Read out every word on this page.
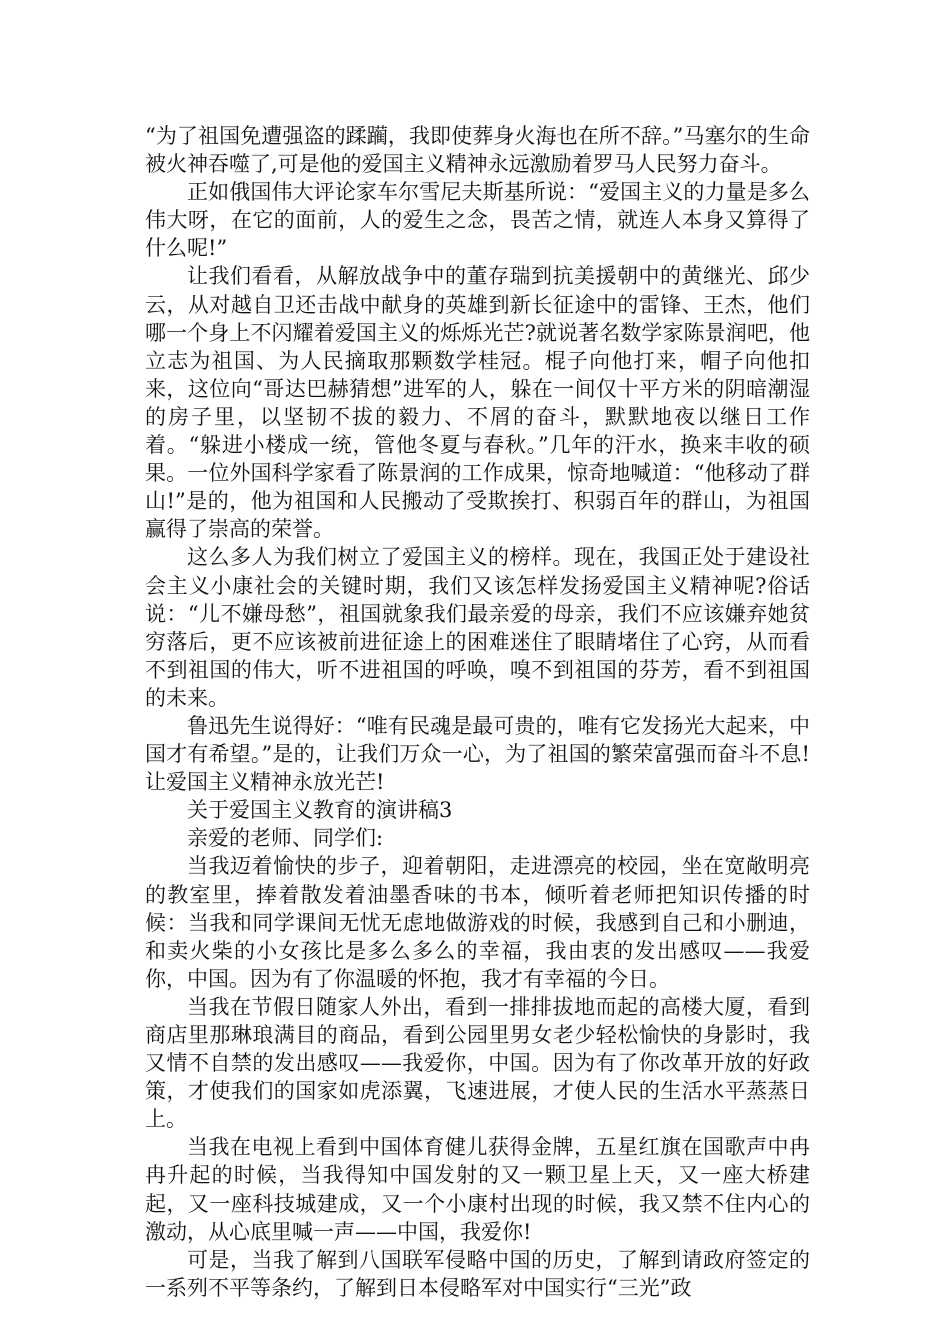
“为了祖国免遭强盗的蹂躏，我即使葬身火海也在所不辞。”马塞尔的生命被火神吞噬了,可是他的爱国主义精神永远激励着罗马人民努力奋斗。

正如俄国伟大评论家车尔雪尼夫斯基所说：“爱国主义的力量是多么伟大呀，在它的面前，人的爱生之念，畏苦之情，就连人本身又算得了什么呢!”

让我们看看，从解放战争中的董存瑞到抗美援朝中的黄继光、邱少云，从对越自卫还击战中献身的英雄到新长征途中的雷锋、王杰，他们哪一个身上不闪耀着爱国主义的烁烁光芒?就说著名数学家陈景润吧，他立志为祖国、为人民摘取那颗数学桂冠。棍子向他打来，帽子向他扣来，这位向“哥达巴赫猜想”进军的人，躲在一间仅十平方米的阴暗潮湿的房子里，以坚韧不拔的毅力、不屑的奋斗，默默地夜以继日工作着。“躲进小楼成一统，管他冬夏与春秋。”几年的汗水，换来丰收的硕果。一位外国科学家看了陈景润的工作成果，惊奇地喊道：“他移动了群山!”是的，他为祖国和人民搬动了受欺挨打、积弱百年的群山，为祖国赢得了崇高的荣誉。

这么多人为我们树立了爱国主义的榜样。现在，我国正处于建设社会主义小康社会的关键时期，我们又该怎样发扬爱国主义精神呢?俗话说：“儿不嫌母愁”，祖国就象我们最亲爱的母亲，我们不应该嫌弃她贫穷落后，更不应该被前进征途上的困难迷住了眼睛堵住了心窍，从而看不到祖国的伟大，听不进祖国的呼唤，嗅不到祖国的芬芳，看不到祖国的未来。

鲁迅先生说得好：“唯有民魂是最可贵的，唯有它发扬光大起来，中国才有希望。”是的，让我们万众一心，为了祖国的繁荣富强而奋斗不息!让爱国主义精神永放光芒!

关于爱国主义教育的演讲稿3

亲爱的老师、同学们:

当我迈着愉快的步子，迎着朝阳，走进漂亮的校园，坐在宽敞明亮的教室里，捧着散发着油墨香味的书本，倾听着老师把知识传播的时候：当我和同学课间无忧无虑地做游戏的时候，我感到自己和小删迪，和卖火柴的小女孩比是多么多么的幸福，我由衷的发出感叹——我爱你，中国。因为有了你温暖的怀抱，我才有幸福的今日。

当我在节假日随家人外出，看到一排排拔地而起的高楼大厦，看到商店里那琳琅满目的商品，看到公园里男女老少轻松愉快的身影时，我又情不自禁的发出感叹——我爱你，中国。因为有了你改革开放的好政策，才使我们的国家如虎添翼，飞速进展，才使人民的生活水平蒸蒸日上。

当我在电视上看到中国体育健儿获得金牌，五星红旗在国歌声中冉冉升起的时候，当我得知中国发射的又一颗卫星上天，又一座大桥建起，又一座科技城建成，又一个小康村出现的时候，我又禁不住内心的激动，从心底里喊一声——中国，我爱你!

可是，当我了解到八国联军侵略中国的历史，了解到请政府签定的一系列不平等条约，了解到日本侵略军对中国实行“三光”政
